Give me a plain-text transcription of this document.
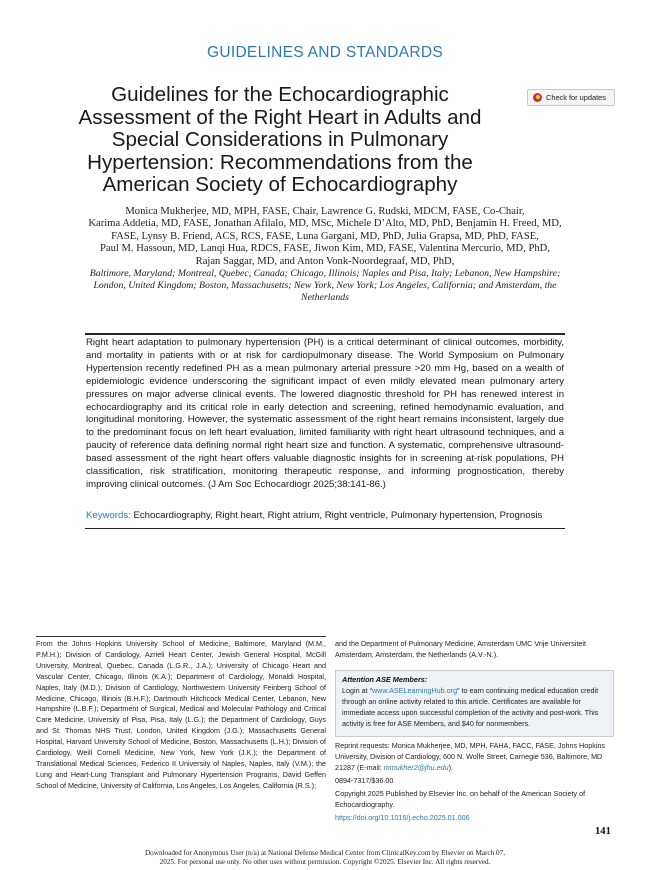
GUIDELINES AND STANDARDS
Guidelines for the Echocardiographic
Assessment of the Right Heart in Adults and
Special Considerations in Pulmonary
Hypertension: Recommendations from the
American Society of Echocardiography
Check for updates
Monica Mukherjee, MD, MPH, FASE, Chair, Lawrence G. Rudski, MDCM, FASE, Co-Chair,
Karima Addetia, MD, FASE, Jonathan Afilalo, MD, MSc, Michele D’Alto, MD, PhD, Benjamin H. Freed, MD,
FASE, Lynsy B. Friend, ACS, RCS, FASE, Luna Gargani, MD, PhD, Julia Grapsa, MD, PhD, FASE,
Paul M. Hassoun, MD, Lanqi Hua, RDCS, FASE, Jiwon Kim, MD, FASE, Valentina Mercurio, MD, PhD,
Rajan Saggar, MD, and Anton Vonk-Noordegraaf, MD, PhD,
Baltimore, Maryland; Montreal, Quebec, Canada; Chicago, Illinois; Naples and Pisa, Italy; Lebanon, New Hampshire;
London, United Kingdom; Boston, Massachusetts; New York, New York; Los Angeles, California; and Amsterdam, the
Netherlands

Right heart adaptation to pulmonary hypertension (PH) is a critical determinant of clinical outcomes, morbidity, and mortality in patients with or at risk for cardiopulmonary disease. The World Symposium on Pulmonary Hypertension recently redefined PH as a mean pulmonary arterial pressure >20 mm Hg, based on a wealth of epidemiologic evidence underscoring the significant impact of even mildly elevated mean pulmonary artery pressures on major adverse clinical events. The lowered diagnostic threshold for PH has renewed interest in echocardiography and its critical role in early detection and screening, refined hemodynamic evaluation, and longitudinal monitoring. However, the systematic assessment of the right heart remains inconsistent, largely due to the predominant focus on left heart evaluation, limited familiarity with right heart ultrasound techniques, and a paucity of reference data defining normal right heart size and function. A systematic, comprehensive ultrasound-based assessment of the right heart offers valuable diagnostic insights for in screening at-risk populations, PH classification, risk stratification, monitoring therapeutic response, and informing prognostication, thereby improving clinical outcomes. (J Am Soc Echocardiogr 2025;38:141-86.)

Keywords: Echocardiography, Right heart, Right atrium, Right ventricle, Pulmonary hypertension, Prognosis
From the Johns Hopkins University School of Medicine, Baltimore, Maryland (M.M., P.M.H.); Division of Cardiology, Azrieli Heart Center, Jewish General Hospital, McGill University, Montreal, Quebec, Canada (L.G.R., J.A.); University of Chicago Heart and Vascular Center, Chicago, Illinois (K.A.); Department of Cardiology, Monaldi Hospital, Naples, Italy (M.D.); Division of Cardiology, Northwestern University Feinberg School of Medicine, Chicago, Illinois (B.H.F.); Dartmouth Hitchcock Medical Center, Lebanon, New Hampshire (L.B.F.); Department of Surgical, Medical and Molecular Pathology and Critical Care Medicine, University of Pisa, Pisa, Italy (L.G.); the Department of Cardiology, Guys and St. Thomas NHS Trust, London, United Kingdom (J.G.); Massachusetts General Hospital, Harvard University School of Medicine, Boston, Massachusetts (L.H.); Division of Cardiology, Weill Cornell Medicine, New York, New York (J.K.); the Department of Translational Medical Sciences, Federico II University of Naples, Naples, Italy (V.M.); the Lung and Heart-Lung Transplant and Pulmonary Hypertension Programs, David Geffen School of Medicine, University of California, Los Angeles, Los Angeles, California (R.S.);
and the Department of Pulmonary Medicine, Amsterdam UMC Vrije Universiteit Amsterdam, Amsterdam, the Netherlands (A.V.-N.).
Attention ASE Members:
Login at “www.ASELearningHub.org” to earn continuing medical education credit through an online activity related to this article. Certificates are available for immediate access upon successful completion of the activity and post-work. This activity is free for ASE Members, and $40 for nonmembers.
Reprint requests: Monica Mukherjee, MD, MPH, FAHA, FACC, FASE, Johns Hopkins University, Division of Cardiology, 600 N. Wolfe Street, Carnegie 536, Baltimore, MD 21287 (E-mail: mmukher2@jhu.edu).
0894-7317/$36.00
Copyright 2025 Published by Elsevier Inc. on behalf of the American Society of Echocardiography.
https://doi.org/10.1016/j.echo.2025.01.006
141
Downloaded for Anonymous User (n/a) at National Defense Medical Center from ClinicalKey.com by Elsevier on March 07,
2025. For personal use only. No other uses without permission. Copyright ©2025. Elsevier Inc. All rights reserved.
